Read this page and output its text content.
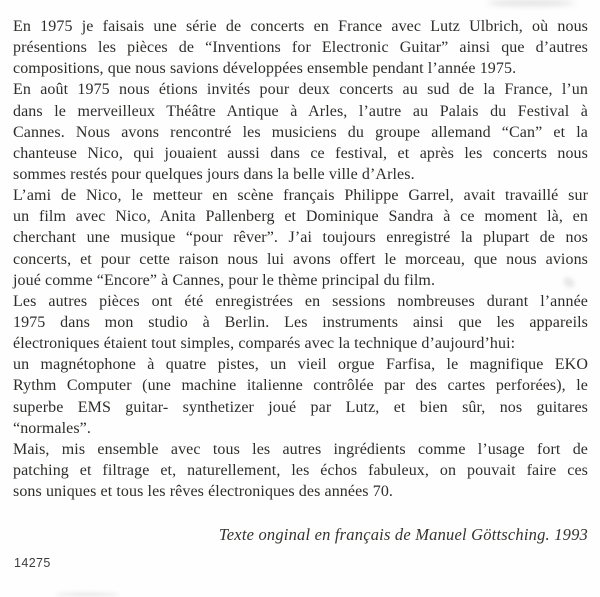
En 1975 je faisais une série de concerts en France avec Lutz Ulbrich, où nous
présentions les pièces de “Inventions for Electronic Guitar” ainsi que d’autres
compositions, que nous savions développées ensemble pendant l’année 1975.
En août 1975 nous étions invités pour deux concerts au sud de la France, l’un
dans le merveilleux Théâtre Antique à Arles, l’autre au Palais du Festival à
Cannes. Nous avons rencontré les musiciens du groupe allemand “Can” et la
chanteuse Nico, qui jouaient aussi dans ce festival, et après les concerts nous
sommes restés pour quelques jours dans la belle ville d’Arles.
L’ami de Nico, le metteur en scène français Philippe Garrel, avait travaillé sur
un film avec Nico, Anita Pallenberg et Dominique Sandra à ce moment là, en
cherchant une musique “pour rêver”. J’ai toujours enregistré la plupart de nos
concerts, et pour cette raison nous lui avons offert le morceau, que nous avions
joué comme “Encore” à Cannes, pour le thème principal du film.
Les autres pièces ont été enregistrées en sessions nombreuses durant l’année
1975 dans mon studio à Berlin. Les instruments ainsi que les appareils
électroniques étaient tout simples, comparés avec la technique d’aujourd’hui:
un magnétophone à quatre pistes, un vieil orgue Farfisa, le magnifique EKO
Rythm Computer (une machine italienne contrôlée par des cartes perforées), le
superbe EMS guitar- synthetizer joué par Lutz, et bien sûr, nos guitares
“normales”.
Mais, mis ensemble avec tous les autres ingrédients comme l’usage fort de
patching et filtrage et, naturellement, les échos fabuleux, on pouvait faire ces
sons uniques et tous les rêves électroniques des années 70.
Texte onginal en français de Manuel Göttsching. 1993
14275
